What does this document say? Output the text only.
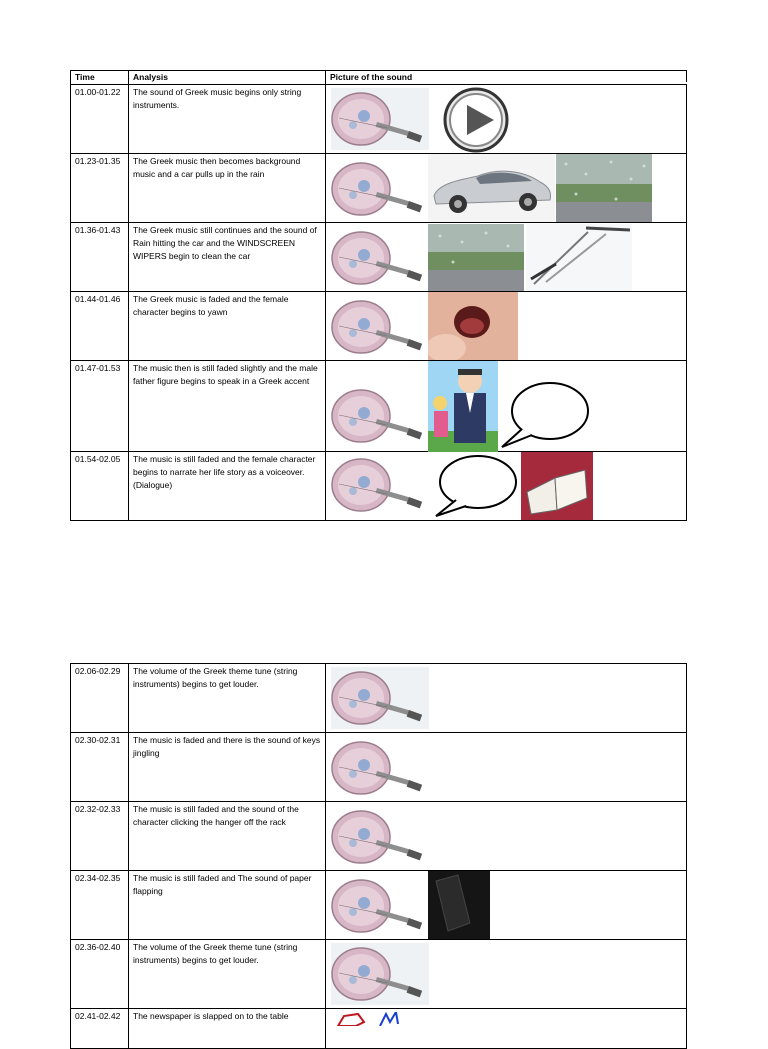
Time	Analysis	Picture of the sound
01.00-01.22	The sound of Greek music begins only string instruments.	

01.23-01.35	The Greek music then becomes background music and a car pulls up in the rain	

01.36-01.43	The Greek music still continues and the sound of Rain hitting the car and the WINDSCREEN WIPERS begin to clean the car	

01.44-01.46	The Greek music is faded and the female character begins to yawn	

01.47-01.53	The music then is still faded slightly and the male father figure begins to speak in a Greek accent	

01.54-02.05	The music is still faded and the female character begins to narrate her life story as a voiceover.(Dialogue)	
02.06-02.29	The volume of the Greek theme tune (string instruments) begins to get louder.	

02.30-02.31	The music is faded and there is the sound of keys jingling	

02.32-02.33	The music is still faded and the sound of the character clicking the hanger off the rack	

02.34-02.35	The music is still faded and The sound of paper flapping	

02.36-02.40	The volume of the Greek theme tune (string instruments) begins to get louder.	

02.41-02.42	The newspaper is slapped on to the table	
